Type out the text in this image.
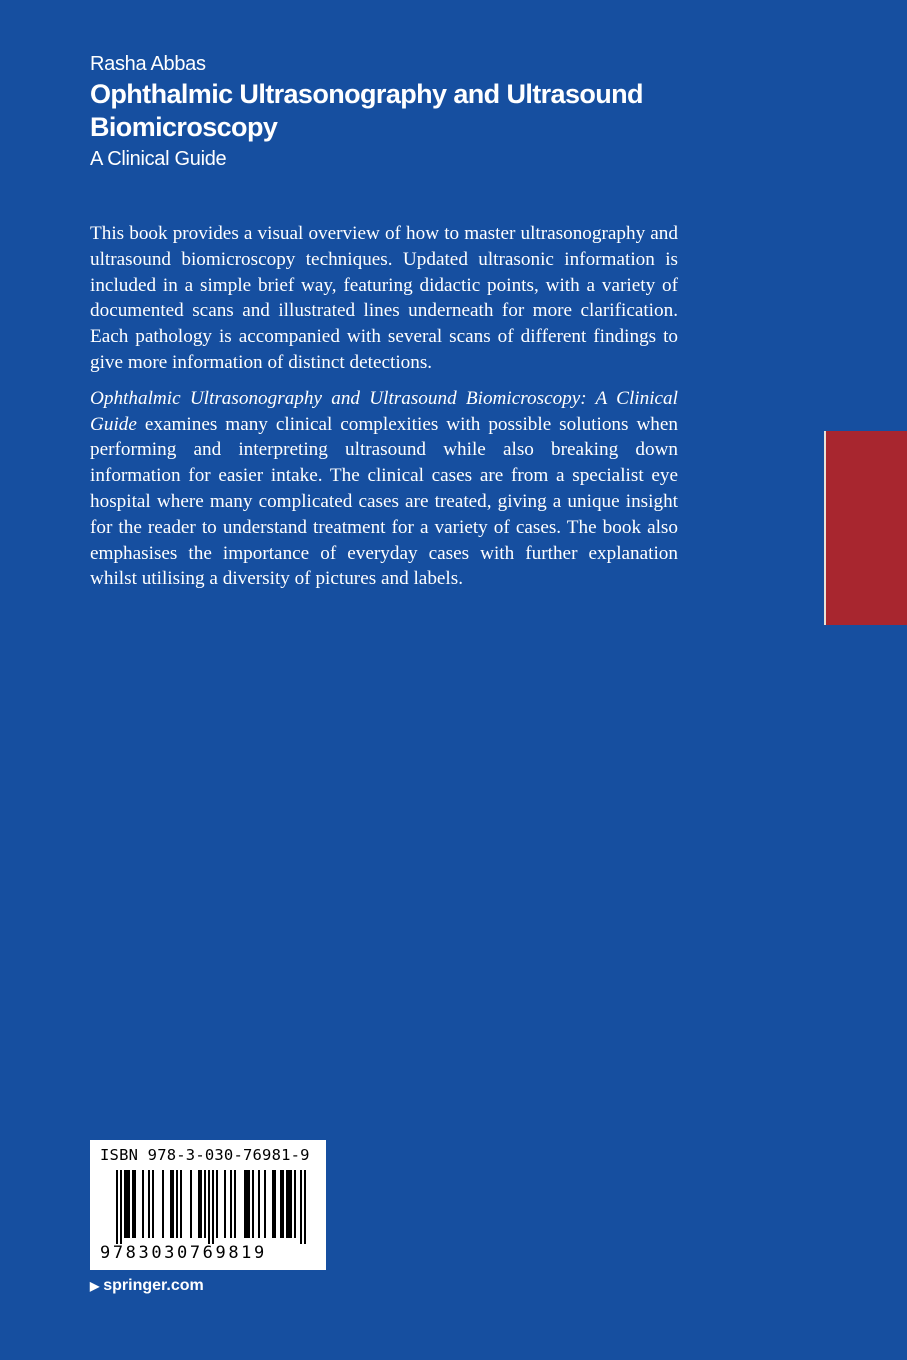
Rasha Abbas
Ophthalmic Ultrasonography and Ultrasound Biomicroscopy
A Clinical Guide

This book provides a visual overview of how to master ultrasonography and ultrasound biomicroscopy techniques. Updated ultrasonic information is included in a simple brief way, featuring didactic points, with a variety of documented scans and illustrated lines underneath for more clarification. Each pathology is accompanied with several scans of different findings to give more information of distinct detections.

Ophthalmic Ultrasonography and Ultrasound Biomicroscopy: A Clinical Guide examines many clinical complexities with possible solutions when performing and interpreting ultrasound while also breaking down information for easier intake. The clinical cases are from a specialist eye hospital where many complicated cases are treated, giving a unique insight for the reader to understand treatment for a variety of cases. The book also emphasises the importance of everyday cases with further explanation whilst utilising a diversity of pictures and labels.

ISBN 978-3-030-76981-9
9783030769819
▶ springer.com
